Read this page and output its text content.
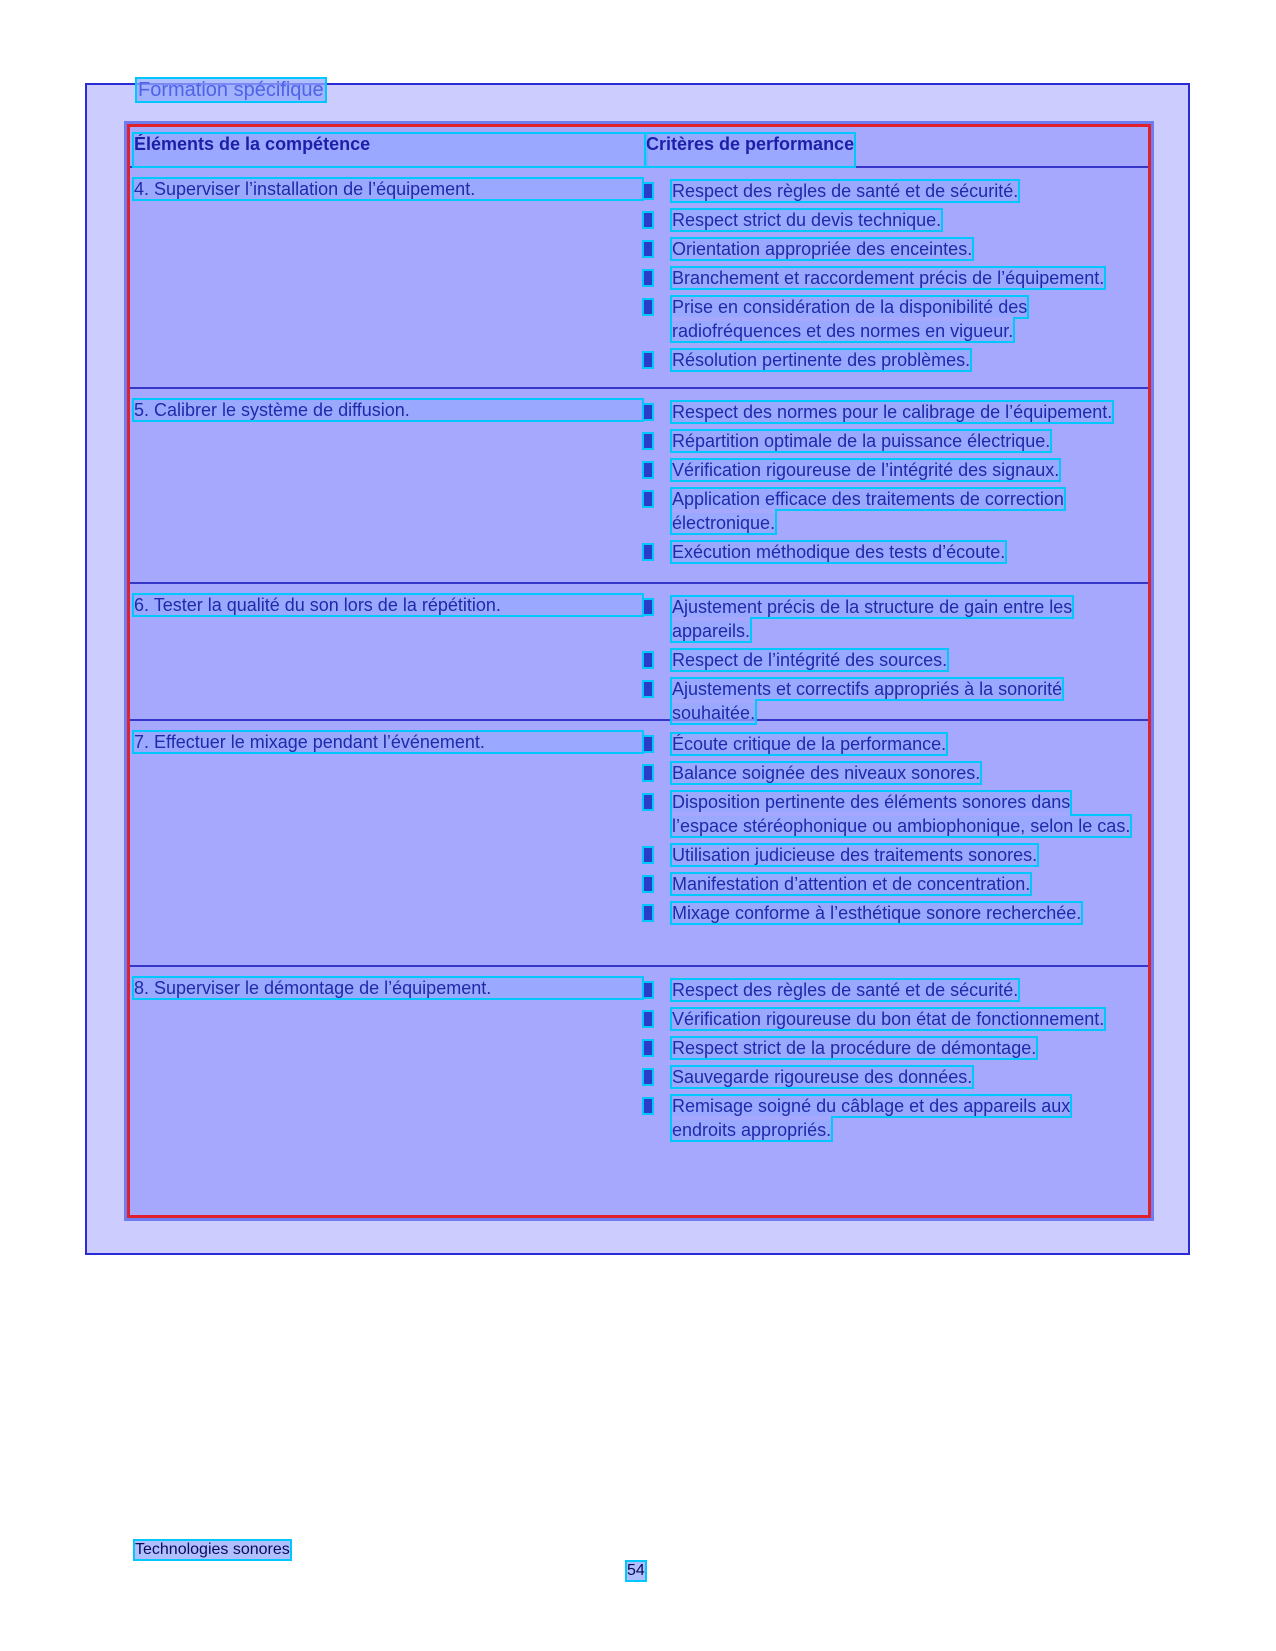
Formation spécifique
Éléments de la compétence	Critères de performance
4. Superviser l’installation de l’équipement.	Respect des règles de santé et de sécurité.
Respect strict du devis technique.
Orientation appropriée des enceintes.
Branchement et raccordement précis de l’équipement.
Prise en considération de la disponibilité des radiofréquences et des normes en vigueur.
Résolution pertinente des problèmes.
5. Calibrer le système de diffusion.	Respect des normes pour le calibrage de l’équipement.
Répartition optimale de la puissance électrique.
Vérification rigoureuse de l’intégrité des signaux.
Application efficace des traitements de correction électronique.
Exécution méthodique des tests d’écoute.
6. Tester la qualité du son lors de la répétition.	Ajustement précis de la structure de gain entre les appareils.
Respect de l’intégrité des sources.
Ajustements et correctifs appropriés à la sonorité souhaitée.
7. Effectuer le mixage pendant l’événement.	Écoute critique de la performance.
Balance soignée des niveaux sonores.
Disposition pertinente des éléments sonores dans l’espace stéréophonique ou ambiophonique, selon le cas.
Utilisation judicieuse des traitements sonores.
Manifestation d’attention et de concentration.
Mixage conforme à l’esthétique sonore recherchée.
8. Superviser le démontage de l’équipement.	Respect des règles de santé et de sécurité.
Vérification rigoureuse du bon état de fonctionnement.
Respect strict de la procédure de démontage.
Sauvegarde rigoureuse des données.
Remisage soigné du câblage et des appareils aux endroits appropriés.
Technologies sonores
54
